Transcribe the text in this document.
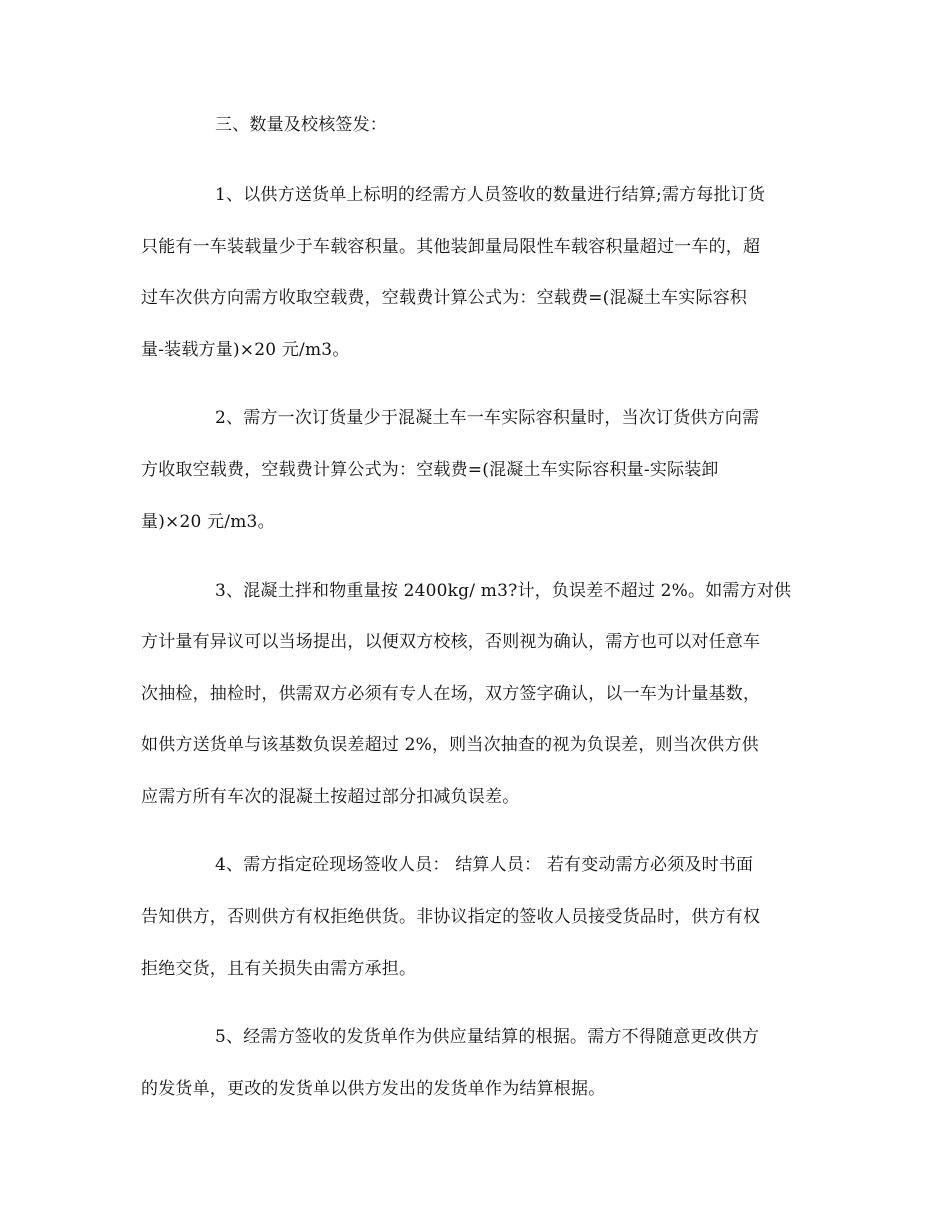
三、数量及校核签发：
1、以供方送货单上标明的经需方人员签收的数量进行结算;需方每批订货
只能有一车装载量少于车载容积量。其他装卸量局限性车载容积量超过一车的，超
过车次供方向需方收取空载费，空载费计算公式为：空载费=(混凝土车实际容积
量-装载方量)×20 元/m3。
2、需方一次订货量少于混凝土车一车实际容积量时，当次订货供方向需
方收取空载费，空载费计算公式为：空载费=(混凝土车实际容积量-实际装卸
量)×20 元/m3。
3、混凝土拌和物重量按 2400kg/ m3?计，负误差不超过 2%。如需方对供
方计量有异议可以当场提出，以便双方校核，否则视为确认，需方也可以对任意车
次抽检，抽检时，供需双方必须有专人在场，双方签字确认，以一车为计量基数，
如供方送货单与该基数负误差超过 2%，则当次抽查的视为负误差，则当次供方供
应需方所有车次的混凝土按超过部分扣减负误差。
4、需方指定砼现场签收人员： 结算人员： 若有变动需方必须及时书面
告知供方，否则供方有权拒绝供货。非协议指定的签收人员接受货品时，供方有权
拒绝交货，且有关损失由需方承担。
5、经需方签收的发货单作为供应量结算的根据。需方不得随意更改供方
的发货单，更改的发货单以供方发出的发货单作为结算根据。
